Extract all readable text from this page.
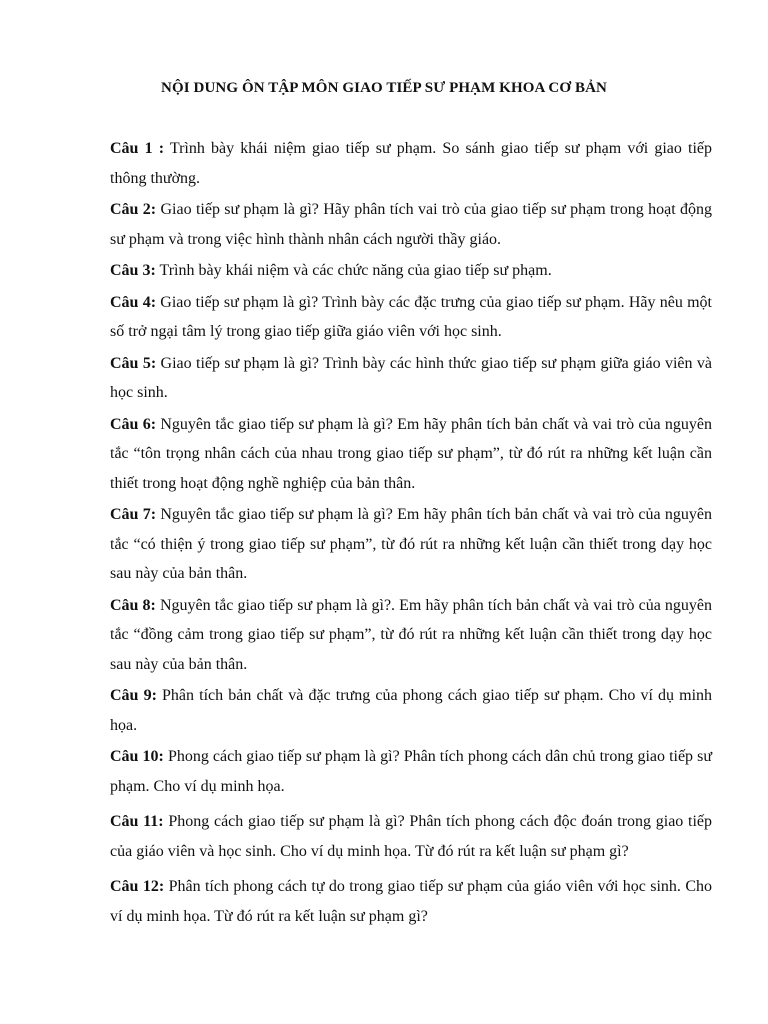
NỘI DUNG ÔN TẬP MÔN GIAO TIẾP SƯ PHẠM KHOA CƠ BẢN

Câu 1 : Trình bày khái niệm giao tiếp sư phạm. So sánh giao tiếp sư phạm với giao tiếp thông thường.

Câu 2: Giao tiếp sư phạm là gì? Hãy phân tích vai trò của giao tiếp sư phạm trong hoạt động sư phạm và trong việc hình thành nhân cách người thầy giáo.

Câu 3: Trình bày khái niệm và các chức năng của giao tiếp sư phạm.

Câu 4: Giao tiếp sư phạm là gì? Trình bày các đặc trưng của giao tiếp sư phạm. Hãy nêu một số trở ngại tâm lý trong giao tiếp giữa giáo viên với học sinh.

Câu 5: Giao tiếp sư phạm là gì? Trình bày các hình thức giao tiếp sư phạm giữa giáo viên và học sinh.

Câu 6: Nguyên tắc giao tiếp sư phạm là gì? Em hãy phân tích bản chất và vai trò của nguyên tắc “tôn trọng nhân cách của nhau trong giao tiếp sư phạm”, từ đó rút ra những kết luận cần thiết trong hoạt động nghề nghiệp của bản thân.

Câu 7: Nguyên tắc giao tiếp sư phạm là gì? Em hãy phân tích bản chất và vai trò của nguyên tắc “có thiện ý trong giao tiếp sư phạm”, từ đó rút ra những kết luận cần thiết trong dạy học sau này của bản thân.

Câu 8: Nguyên tắc giao tiếp sư phạm là gì?. Em hãy phân tích bản chất và vai trò của nguyên tắc “đồng cảm trong giao tiếp sư phạm”, từ đó rút ra những kết luận cần thiết trong dạy học sau này của bản thân.

Câu 9: Phân tích bản chất và đặc trưng của phong cách giao tiếp sư phạm. Cho ví dụ minh họa.

Câu 10: Phong cách giao tiếp sư phạm là gì? Phân tích phong cách dân chủ trong giao tiếp sư phạm. Cho ví dụ minh họa.

Câu 11: Phong cách giao tiếp sư phạm là gì? Phân tích phong cách độc đoán trong giao tiếp của giáo viên và học sinh. Cho ví dụ minh họa. Từ đó rút ra kết luận sư phạm gì?

Câu 12: Phân tích phong cách tự do trong giao tiếp sư phạm của giáo viên với học sinh. Cho ví dụ minh họa. Từ đó rút ra kết luận sư phạm gì?
